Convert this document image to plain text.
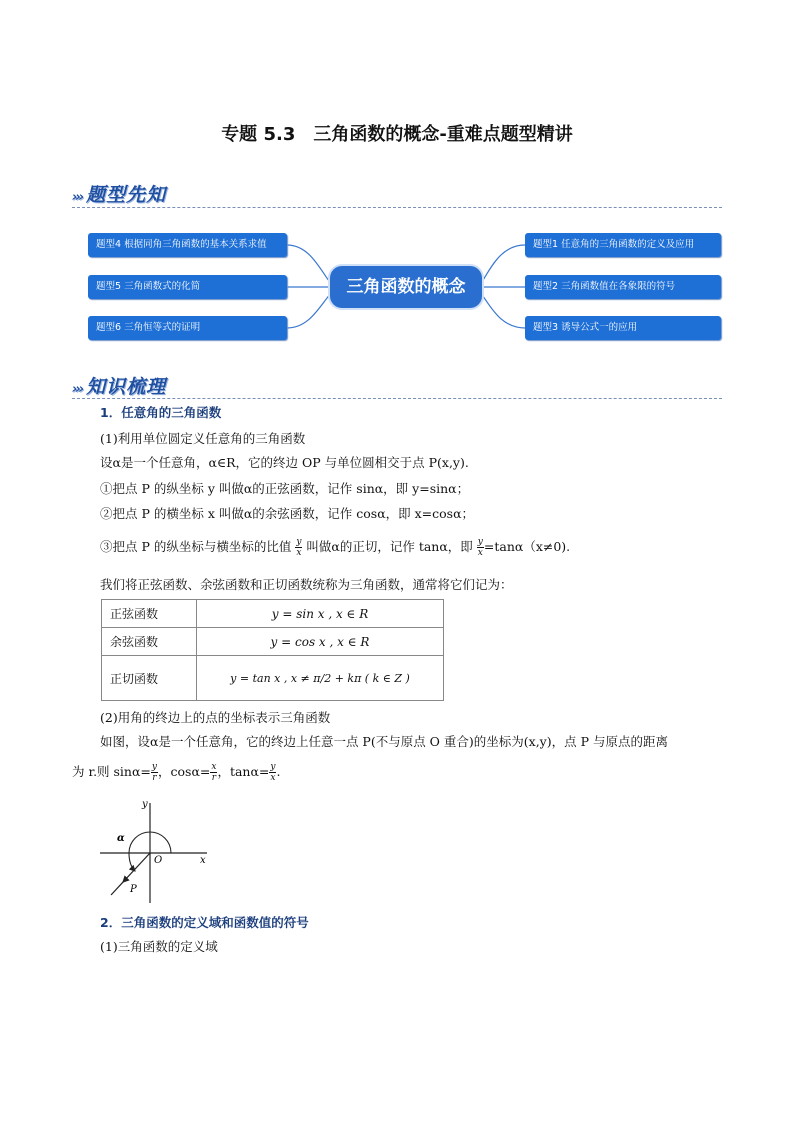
专题 5.3　三角函数的概念-重难点题型精讲
››› 题型先知
题型4 根据同角三角函数的基本关系求值
题型5 三角函数式的化简
题型6 三角恒等式的证明
三角函数的概念
题型1 任意角的三角函数的定义及应用
题型2 三角函数值在各象限的符号
题型3 诱导公式一的应用
››› 知识梳理
1．任意角的三角函数
(1)利用单位圆定义任意角的三角函数
设α是一个任意角，α∈R，它的终边 OP 与单位圆相交于点 P(x,y).
①把点 P 的纵坐标 y 叫做α的正弦函数，记作 sinα，即 y=sinα；
②把点 P 的横坐标 x 叫做α的余弦函数，记作 cosα，即 x=cosα；
③把点 P 的纵坐标与横坐标的比值 $\frac{y}{x}$ 叫做α的正切，记作 tanα，即 $\frac{y}{x} =\tan\alpha(x\ne 0)$.
我们将正弦函数、余弦函数和正切函数统称为三角函数，通常将它们记为：
正弦函数	y = sin x , x ∈ R
余弦函数	y = cos x , x ∈ R
正切函数	y = tan x , x ≠ π/2 + kπ ( k ∈ Z )
(2)用角的终边上的点的坐标表示三角函数
如图，设α是一个任意角，它的终边上任意一点 P(不与原点 O 重合)的坐标为(x,y)，点 P 与原点的距离
为 r.则 $\sin\alpha= \frac{y}{r}$ ，$\cos\alpha= \frac{x}{r}$ ，$\tan\alpha= \frac{y}{x}$ .
y
x
O
α
P
2．三角函数的定义域和函数值的符号
(1)三角函数的定义域
